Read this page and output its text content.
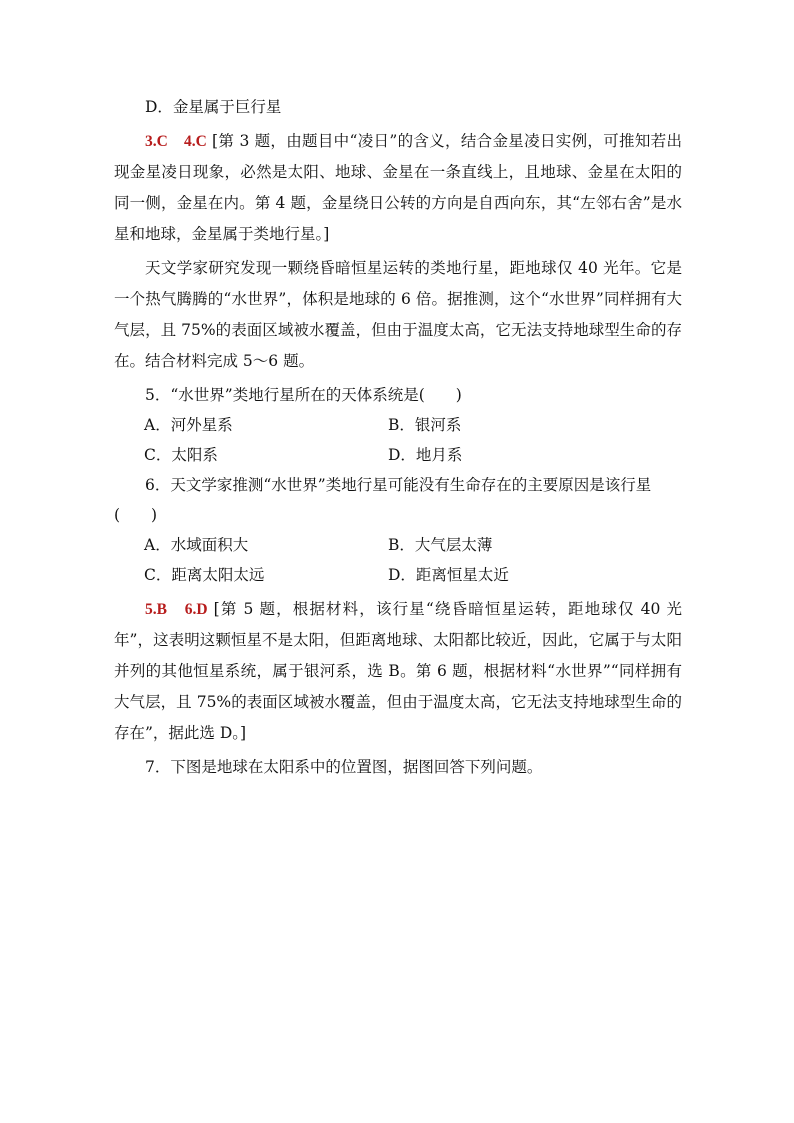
D．金星属于巨行星

3.C　4.C [第 3 题，由题目中“凌日”的含义，结合金星凌日实例，可推知若出现金星凌日现象，必然是太阳、地球、金星在一条直线上，且地球、金星在太阳的同一侧，金星在内。第 4 题，金星绕日公转的方向是自西向东，其“左邻右舍”是水星和地球，金星属于类地行星。]

天文学家研究发现一颗绕昏暗恒星运转的类地行星，距地球仅 40 光年。它是一个热气腾腾的“水世界”，体积是地球的 6 倍。据推测，这个“水世界”同样拥有大气层，且 75%的表面区域被水覆盖，但由于温度太高，它无法支持地球型生命的存在。结合材料完成 5～6 题。

5．“水世界”类地行星所在的天体系统是(　　)
A．河外星系	B．银河系
C．太阳系	D．地月系
6．天文学家推测“水世界”类地行星可能没有生命存在的主要原因是该行星
(　　)
A．水域面积大	B．大气层太薄
C．距离太阳太远	D．距离恒星太近

5.B　6.D [第 5 题，根据材料，该行星“绕昏暗恒星运转，距地球仅 40 光年”，这表明这颗恒星不是太阳，但距离地球、太阳都比较近，因此，它属于与太阳并列的其他恒星系统，属于银河系，选 B。第 6 题，根据材料“水世界”“同样拥有大气层，且 75%的表面区域被水覆盖，但由于温度太高，它无法支持地球型生命的存在”，据此选 D。]

7．下图是地球在太阳系中的位置图，据图回答下列问题。
